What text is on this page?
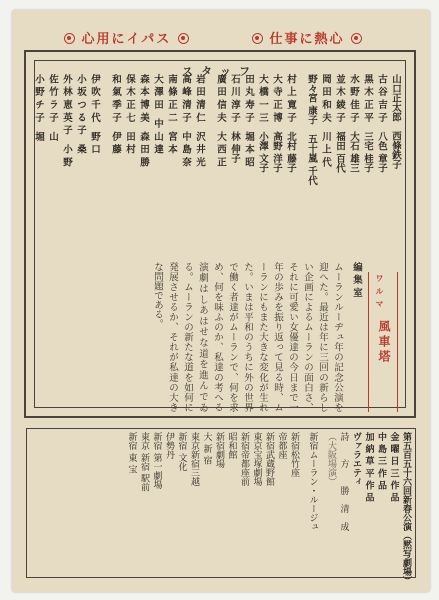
仕事に熱心
心用にイパス
スタッフ

山口正太郎　西條鉄子

古 谷 吉 子　八色 章子

黒 木 正 平　三宅 桂子

水 野 佳 子　大石 雄三

並 木 綾 子　福田 百代

岡 田 和 夫　川 上 代

野々宮 康子　五十嵐 千代

村 上 寛 子　北村 藤子

大 寺 正 博　高野 洋子

大 橋 一 三　小澤 文子

田 丸 寿 子　堀 本 昭

石 川 淳 子　林 伸子

廣 田 信 夫　大 西 正

岩 田 清 仁　沢 井 光

高 峰 清 子　中 島 奈

南 條 正 二　宮 本

大 澤 田　中 山 達

森 本 博 美　森 田 勝

保 木 正 七　田 村

和 氣 季 子　伊 藤

伊 吹 千 代　野 口

小 坂 つ る 子　桑

外 林 恵 英 子　小 野

佐 竹 ラ 子　山

小 野 チ 子　堀

ワ ル マ
風車塔

編 集 室

ムーランルーヂュ年の記念公演を迎へた。最近は年に三回の新らしい企画によるムーランの面白さ、それに可愛い女優達の今日まで一年の歩みを振り返って見る時、ムーランにもまた大きな変化が生れた。いまは平和のうちに外の世界で働く者達がムーランで、何を求め、何を味ふのか、私達の考へる演劇はしあはせな道を進んでゐる。ムーランの新たな道を如何に発展させるか、それが私達の大きな問題である。

第五百五十六回新春公演（黙写劇場）

金 曜 日 三 作 品

中 島 三 作 品

加 納 草 平 作 品

ヴァラエティ

詩　　方　　勝　清　成

（大阪場演）

新宿ムーラン・ルージュ

新宿松竹座

帝都座

新宿武蔵野館

東京宝塚劇場

新宿帝都座前

昭和館

新宿劇場

大 新 宿

東京新宿三越

新宿 文化

伊勢丹

新宿 第一劇場

東京 新宿 駅前

新宿 東 宝
